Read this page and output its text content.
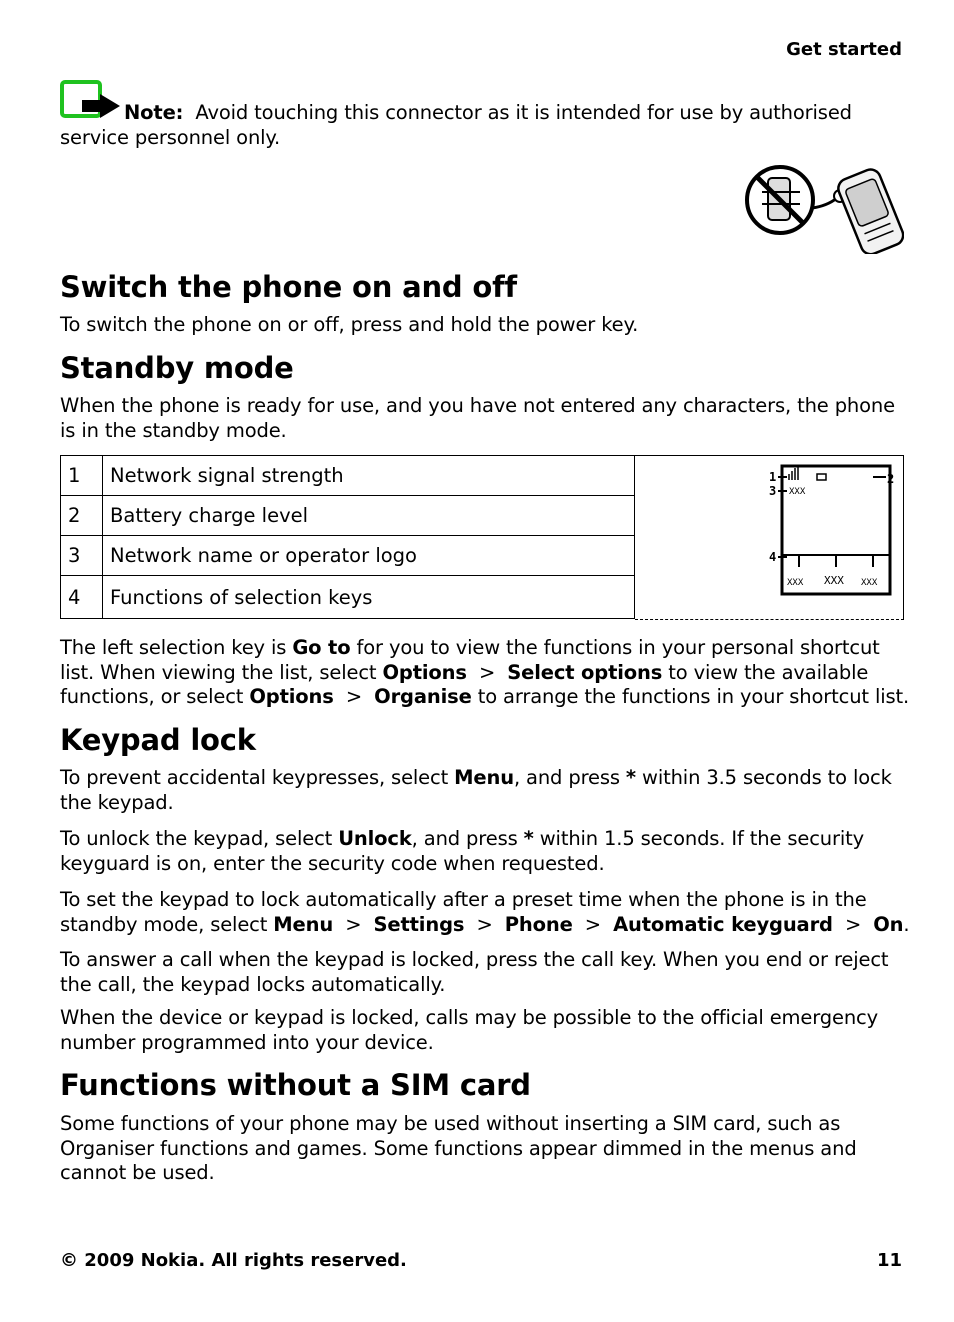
Get started
Note: Avoid touching this connector as it is intended for use by authorised service personnel only.
Switch the phone on and off
To switch the phone on or off, press and hold the power key.
Standby mode
When the phone is ready for use, and you have not entered any characters, the phone is in the standby mode.
1	Network signal strength
2	Battery charge level
3	Network name or operator logo
4	Functions of selection keys
1	2
3 XXX
4
XXX XXX XXX
The left selection key is Go to for you to view the functions in your personal shortcut list. When viewing the list, select Options  >  Select options to view the available functions, or select Options  >  Organise to arrange the functions in your shortcut list.
Keypad lock
To prevent accidental keypresses, select Menu, and press * within 3.5 seconds to lock the keypad.
To unlock the keypad, select Unlock, and press * within 1.5 seconds. If the security keyguard is on, enter the security code when requested.
To set the keypad to lock automatically after a preset time when the phone is in the standby mode, select Menu  >  Settings  >  Phone  >  Automatic keyguard  >  On.
To answer a call when the keypad is locked, press the call key. When you end or reject the call, the keypad locks automatically.
When the device or keypad is locked, calls may be possible to the official emergency number programmed into your device.
Functions without a SIM card
Some functions of your phone may be used without inserting a SIM card, such as Organiser functions and games. Some functions appear dimmed in the menus and cannot be used.
© 2009 Nokia. All rights reserved.	11
